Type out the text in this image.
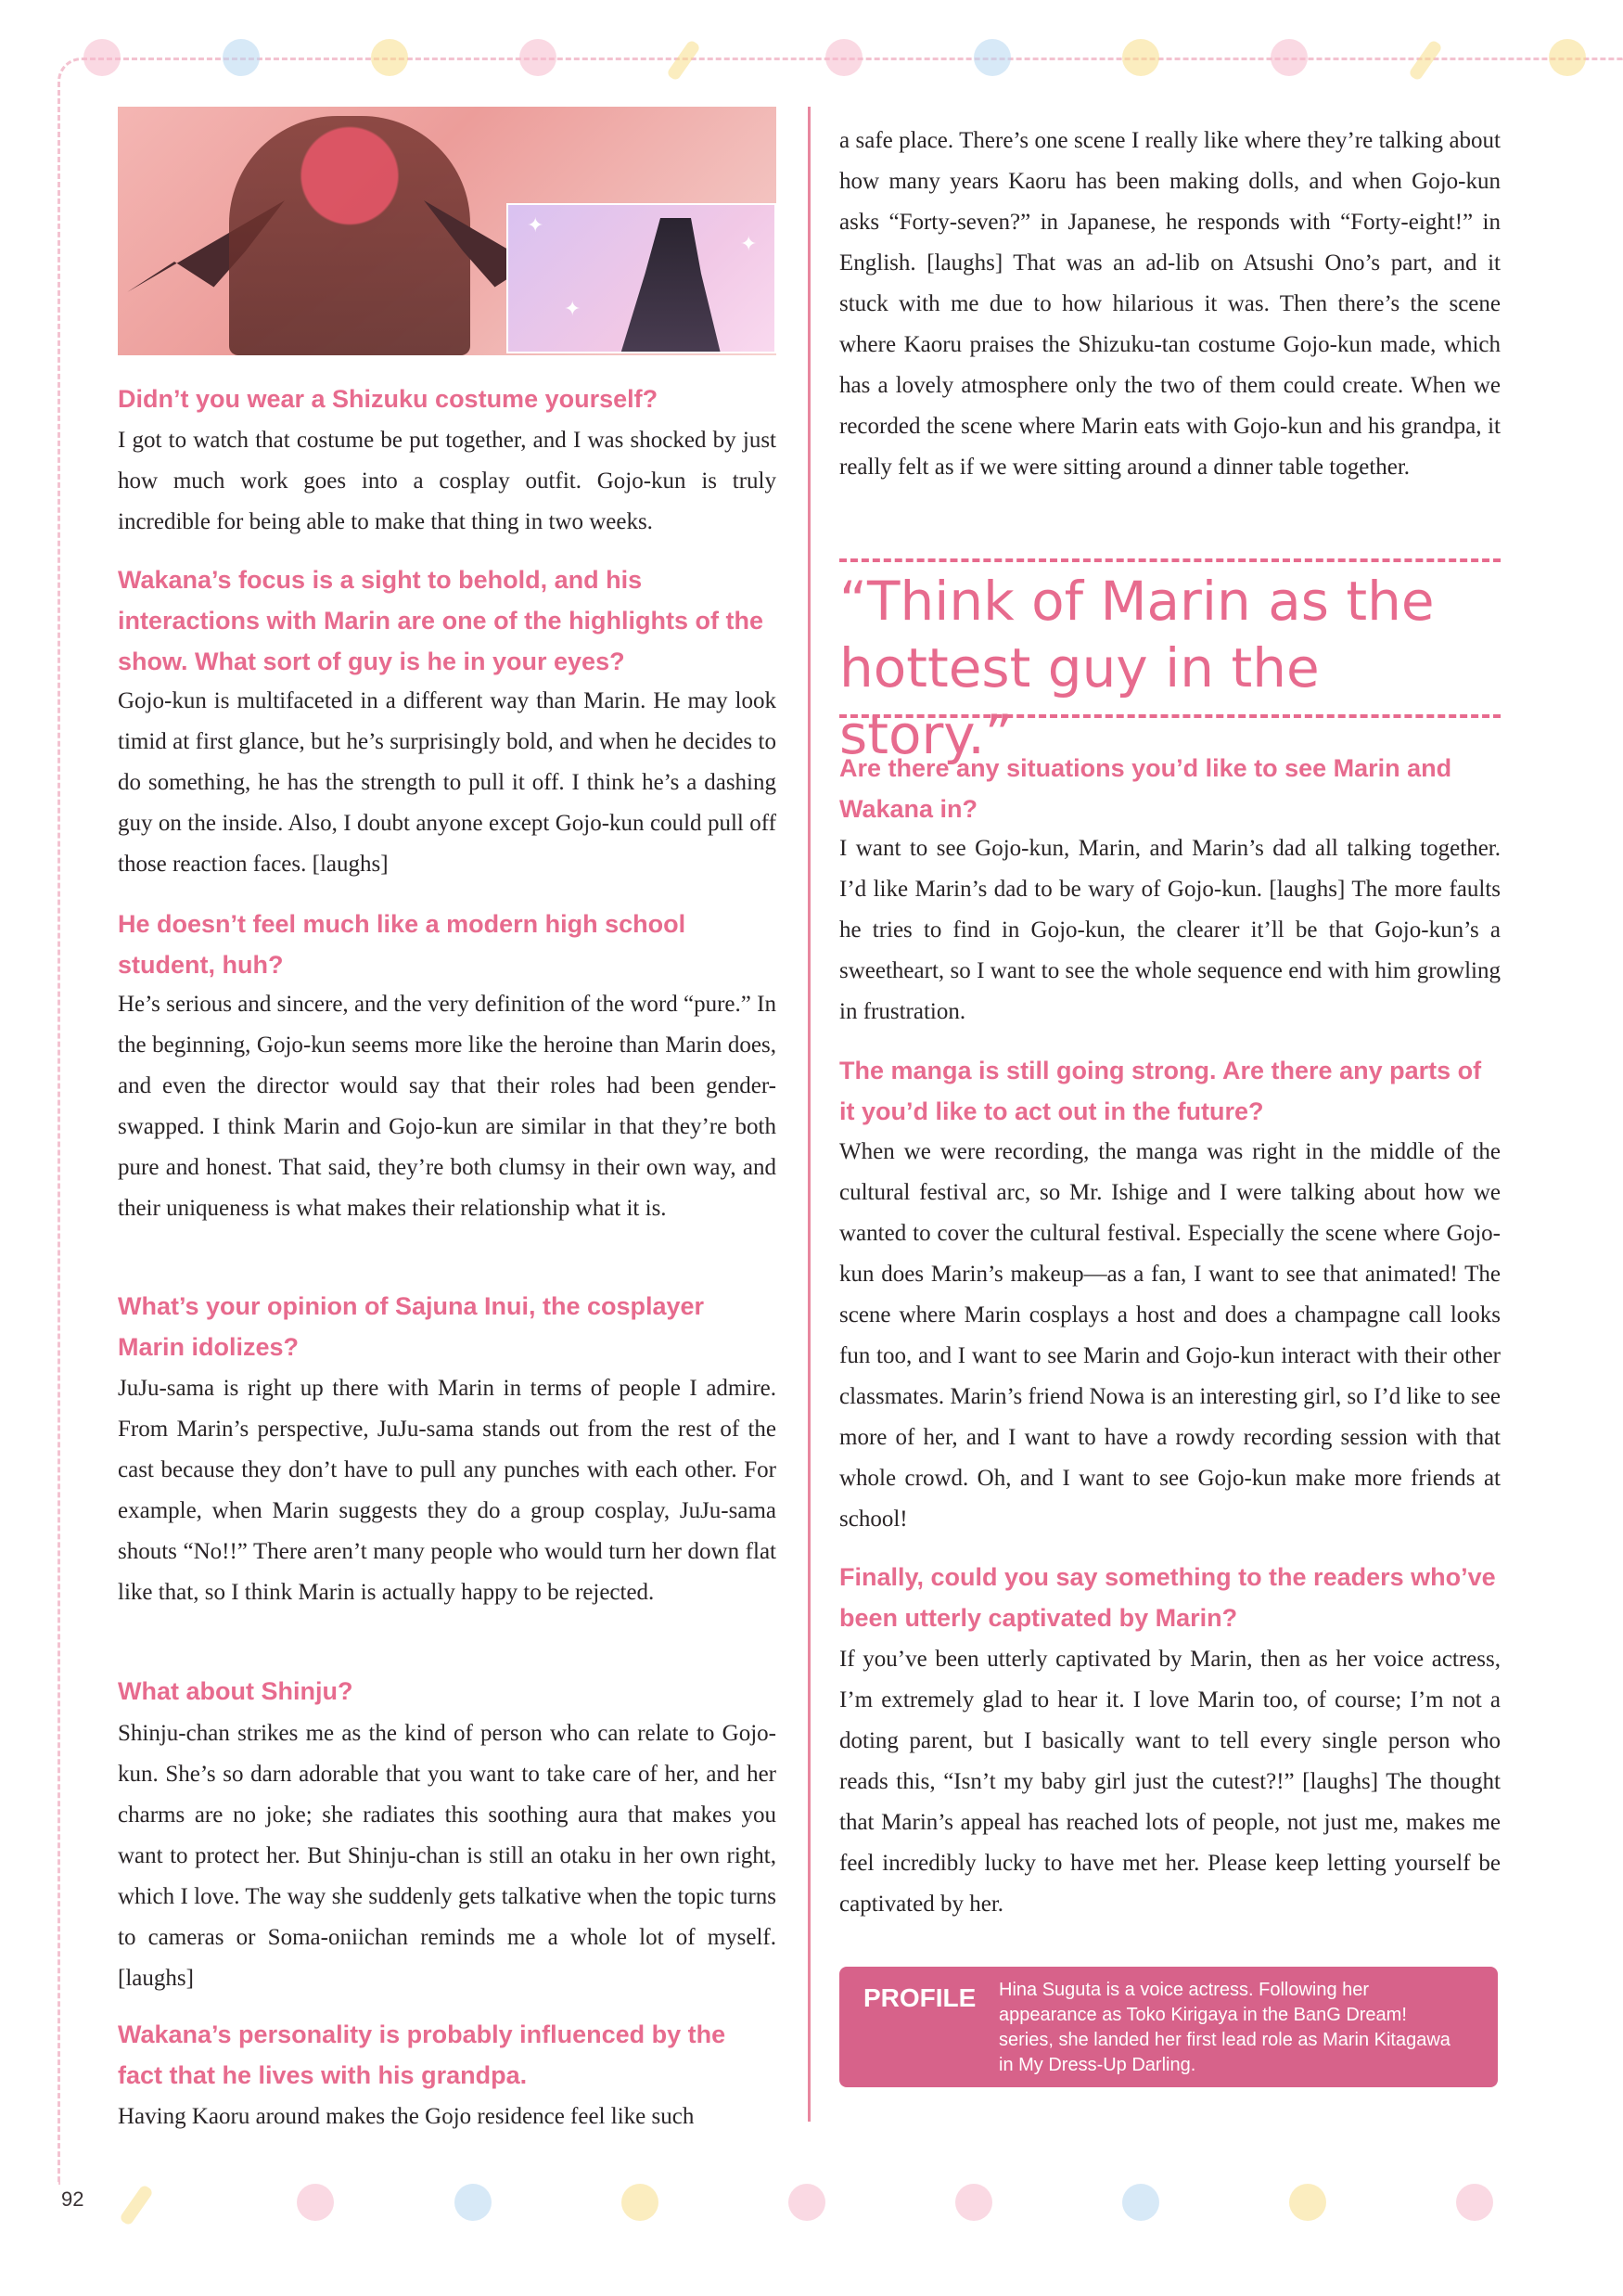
✦
✦
✦
Didn’t you wear a Shizuku costume yourself?

I got to watch that costume be put together, and I was shocked by just how much work goes into a cosplay outfit. Gojo-kun is truly incredible for being able to make that thing in two weeks.

Wakana’s focus is a sight to behold, and his interactions with Marin are one of the highlights of the show. What sort of guy is he in your eyes?

Gojo-kun is multifaceted in a different way than Marin. He may look timid at first glance, but he’s surprisingly bold, and when he decides to do something, he has the strength to pull it off. I think he’s a dashing guy on the inside. Also, I doubt anyone except Gojo-kun could pull off those reaction faces. [laughs]

He doesn’t feel much like a modern high school student, huh?

He’s serious and sincere, and the very definition of the word “pure.” In the beginning, Gojo-kun seems more like the heroine than Marin does, and even the director would say that their roles had been gender-swapped. I think Marin and Gojo-kun are similar in that they’re both pure and honest. That said, they’re both clumsy in their own way, and their uniqueness is what makes their relationship what it is.

What’s your opinion of Sajuna Inui, the cosplayer Marin idolizes?

JuJu-sama is right up there with Marin in terms of people I admire. From Marin’s perspective, JuJu-sama stands out from the rest of the cast because they don’t have to pull any punches with each other. For example, when Marin suggests they do a group cosplay, JuJu-sama shouts “No!!” There aren’t many people who would turn her down flat like that, so I think Marin is actually happy to be rejected.

What about Shinju?

Shinju-chan strikes me as the kind of person who can relate to Gojo-kun. She’s so darn adorable that you want to take care of her, and her charms are no joke; she radiates this soothing aura that makes you want to protect her. But Shinju-chan is still an otaku in her own right, which I love. The way she suddenly gets talkative when the topic turns to cameras or Soma-oniichan reminds me a whole lot of myself. [laughs]

Wakana’s personality is probably influenced by the fact that he lives with his grandpa.

Having Kaoru around makes the Gojo residence feel like such

a safe place. There’s one scene I really like where they’re talking about how many years Kaoru has been making dolls, and when Gojo-kun asks “Forty-seven?” in Japanese, he responds with “Forty-eight!” in English. [laughs] That was an ad-lib on Atsushi Ono’s part, and it stuck with me due to how hilarious it was. Then there’s the scene where Kaoru praises the Shizuku-tan costume Gojo-kun made, which has a lovely atmosphere only the two of them could create. When we recorded the scene where Marin eats with Gojo-kun and his grandpa, it really felt as if we were sitting around a dinner table together.

“Think of Marin as the hottest guy in the story.”
Are there any situations you’d like to see Marin and Wakana in?

I want to see Gojo-kun, Marin, and Marin’s dad all talking together. I’d like Marin’s dad to be wary of Gojo-kun. [laughs] The more faults he tries to find in Gojo-kun, the clearer it’ll be that Gojo-kun’s a sweetheart, so I want to see the whole sequence end with him growling in frustration.

The manga is still going strong. Are there any parts of it you’d like to act out in the future?

When we were recording, the manga was right in the middle of the cultural festival arc, so Mr. Ishige and I were talking about how we wanted to cover the cultural festival. Especially the scene where Gojo-kun does Marin’s makeup—as a fan, I want to see that animated! The scene where Marin cosplays a host and does a champagne call looks fun too, and I want to see Marin and Gojo-kun interact with their other classmates. Marin’s friend Nowa is an interesting girl, so I’d like to see more of her, and I want to have a rowdy recording session with that whole crowd. Oh, and I want to see Gojo-kun make more friends at school!

Finally, could you say something to the readers who’ve been utterly captivated by Marin?

If you’ve been utterly captivated by Marin, then as her voice actress, I’m extremely glad to hear it. I love Marin too, of course; I’m not a doting parent, but I basically want to tell every single person who reads this, “Isn’t my baby girl just the cutest?!” [laughs] The thought that Marin’s appeal has reached lots of people, not just me, makes me feel incredibly lucky to have met her. Please keep letting yourself be captivated by her.

PROFILE Hina Suguta is a voice actress. Following her appearance as Toko Kirigaya in the BanG Dream! series, she landed her first lead role as Marin Kitagawa in My Dress-Up Darling.
92
